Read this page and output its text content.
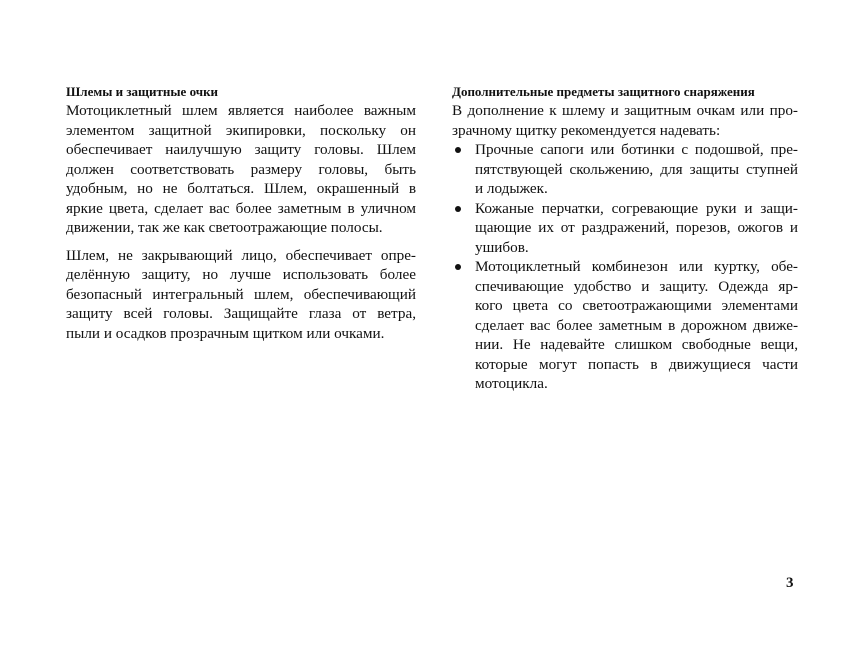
Шлемы и защитные очки
Мотоциклетный шлем является наиболее важным
элементом защитной экипировки, поскольку он
обеспечивает наилучшую защиту головы. Шлем
должен соответствовать размеру головы, быть
удобным, но не болтаться. Шлем, окрашенный в
яркие цвета, сделает вас более заметным в уличном
движении, так же как светоотражающие полосы.
Шлем, не закрывающий лицо, обеспечивает опре-
делённую защиту, но лучше использовать более
безопасный интегральный шлем, обеспечивающий
защиту всей головы. Защищайте глаза от ветра,
пыли и осадков прозрачным щитком или очками.
Дополнительные предметы защитного снаряжения
В дополнение к шлему и защитным очкам или про-
зрачному щитку рекомендуется надевать:
Прочные сапоги или ботинки с подошвой, пре-
пятствующей скольжению, для защиты ступней
и лодыжек.
Кожаные перчатки, согревающие руки и защи-
щающие их от раздражений, порезов, ожогов и
ушибов.
Мотоциклетный комбинезон или куртку, обе-
спечивающие удобство и защиту. Одежда яр-
кого цвета со светоотражающими элементами
сделает вас более заметным в дорожном движе-
нии. Не надевайте слишком свободные вещи,
которые могут попасть в движущиеся части
мотоцикла.
3
